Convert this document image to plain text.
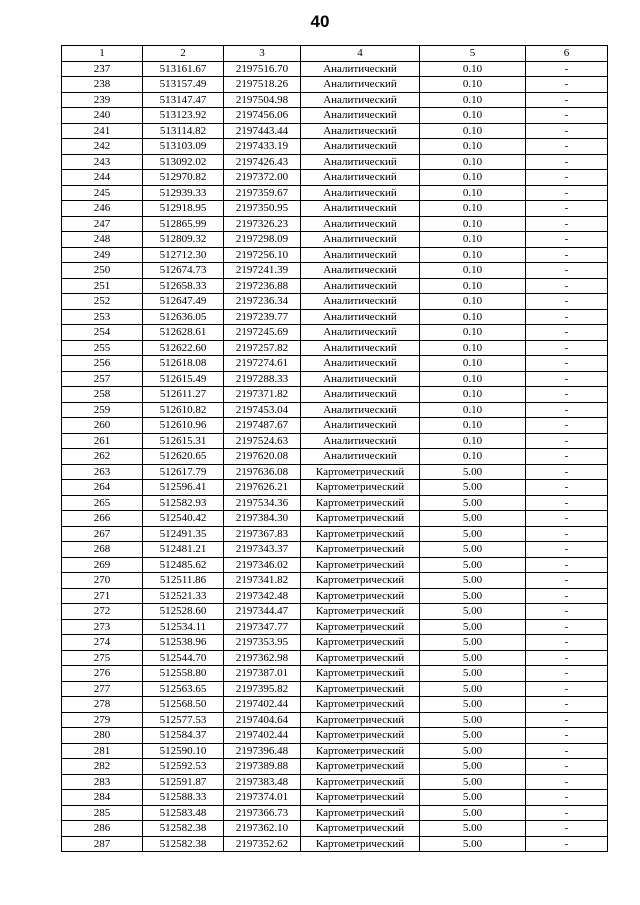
40
1	2	3	4	5	6
237	513161.67	2197516.70	Аналитический	0.10	-
238	513157.49	2197518.26	Аналитический	0.10	-
239	513147.47	2197504.98	Аналитический	0.10	-
240	513123.92	2197456.06	Аналитический	0.10	-
241	513114.82	2197443.44	Аналитический	0.10	-
242	513103.09	2197433.19	Аналитический	0.10	-
243	513092.02	2197426.43	Аналитический	0.10	-
244	512970.82	2197372.00	Аналитический	0.10	-
245	512939.33	2197359.67	Аналитический	0.10	-
246	512918.95	2197350.95	Аналитический	0.10	-
247	512865.99	2197326.23	Аналитический	0.10	-
248	512809.32	2197298.09	Аналитический	0.10	-
249	512712.30	2197256.10	Аналитический	0.10	-
250	512674.73	2197241.39	Аналитический	0.10	-
251	512658.33	2197236.88	Аналитический	0.10	-
252	512647.49	2197236.34	Аналитический	0.10	-
253	512636.05	2197239.77	Аналитический	0.10	-
254	512628.61	2197245.69	Аналитический	0.10	-
255	512622.60	2197257.82	Аналитический	0.10	-
256	512618.08	2197274.61	Аналитический	0.10	-
257	512615.49	2197288.33	Аналитический	0.10	-
258	512611.27	2197371.82	Аналитический	0.10	-
259	512610.82	2197453.04	Аналитический	0.10	-
260	512610.96	2197487.67	Аналитический	0.10	-
261	512615.31	2197524.63	Аналитический	0.10	-
262	512620.65	2197620.08	Аналитический	0.10	-
263	512617.79	2197636.08	Картометрический	5.00	-
264	512596.41	2197626.21	Картометрический	5.00	-
265	512582.93	2197534.36	Картометрический	5.00	-
266	512540.42	2197384.30	Картометрический	5.00	-
267	512491.35	2197367.83	Картометрический	5.00	-
268	512481.21	2197343.37	Картометрический	5.00	-
269	512485.62	2197346.02	Картометрический	5.00	-
270	512511.86	2197341.82	Картометрический	5.00	-
271	512521.33	2197342.48	Картометрический	5.00	-
272	512528.60	2197344.47	Картометрический	5.00	-
273	512534.11	2197347.77	Картометрический	5.00	-
274	512538.96	2197353.95	Картометрический	5.00	-
275	512544.70	2197362.98	Картометрический	5.00	-
276	512558.80	2197387.01	Картометрический	5.00	-
277	512563.65	2197395.82	Картометрический	5.00	-
278	512568.50	2197402.44	Картометрический	5.00	-
279	512577.53	2197404.64	Картометрический	5.00	-
280	512584.37	2197402.44	Картометрический	5.00	-
281	512590.10	2197396.48	Картометрический	5.00	-
282	512592.53	2197389.88	Картометрический	5.00	-
283	512591.87	2197383.48	Картометрический	5.00	-
284	512588.33	2197374.01	Картометрический	5.00	-
285	512583.48	2197366.73	Картометрический	5.00	-
286	512582.38	2197362.10	Картометрический	5.00	-
287	512582.38	2197352.62	Картометрический	5.00	-
